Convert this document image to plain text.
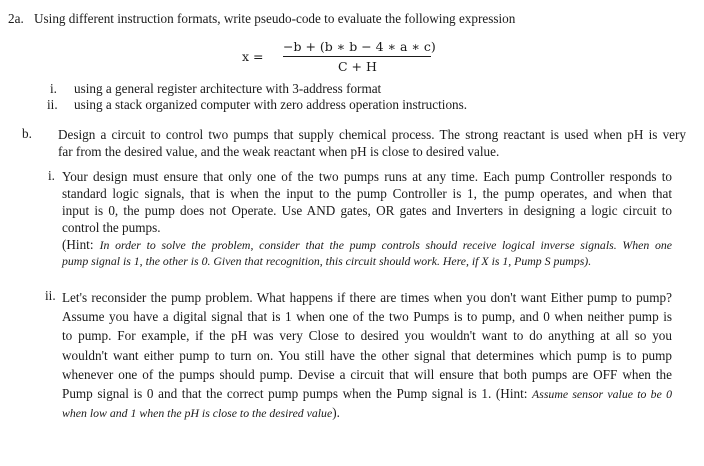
2a. Using different instruction formats, write pseudo-code to evaluate the following expression
x =
−b + (b ∗ b − 4 ∗ a ∗ c)
C + H
i. using a general register architecture with 3-address format
ii. using a stack organized computer with zero address operation instructions.
b. Design a circuit to control two pumps that supply chemical process. The strong reactant is used when pH is very
far from the desired value, and the weak reactant when pH is close to desired value.
i. Your design must ensure that only one of the two pumps runs at any time. Each pump Controller responds to
standard logic signals, that is when the input to the pump Controller is 1, the pump operates, and when that
input is 0, the pump does not Operate. Use AND gates, OR gates and Inverters in designing a logic circuit to
control the pumps.
(Hint: In order to solve the problem, consider that the pump controls should receive logical inverse signals. When one
pump signal is 1, the other is 0. Given that recognition, this circuit should work. Here, if X is 1, Pump S pumps).
ii. Let's reconsider the pump problem. What happens if there are times when you don't want Either pump to pump?
Assume you have a digital signal that is 1 when one of the two Pumps is to pump, and 0 when neither pump is
to pump. For example, if the pH was very Close to desired you wouldn't want to do anything at all so you
wouldn't want either pump to turn on. You still have the other signal that determines which pump is to pump
whenever one of the pumps should pump. Devise a circuit that will ensure that both pumps are OFF when the
Pump signal is 0 and that the correct pump pumps when the Pump signal is 1. (Hint: Assume sensor value to be 0
when low and 1 when the pH is close to the desired value).
